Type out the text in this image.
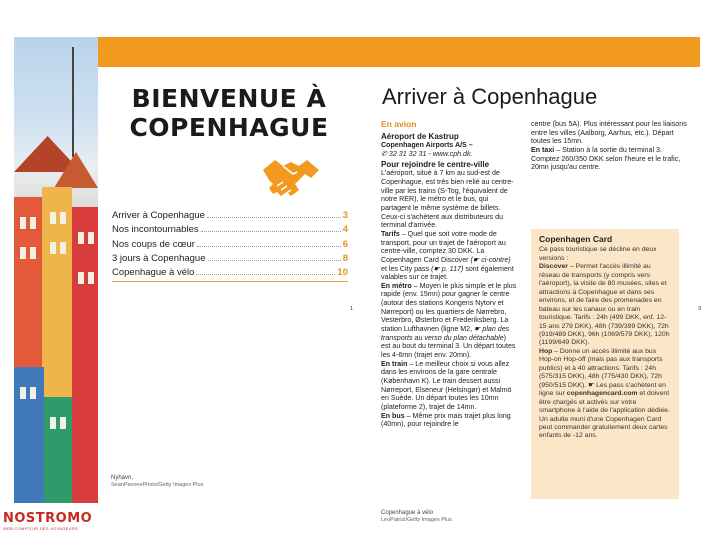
BIENVENUE À
COPENHAGUE
Arriver à Copenhague	3
Nos incontournables	4
Nos coups de cœur	6
3 jours à Copenhague	8
Copenhague à vélo	10
1
Nyhavn,
SeanPavonePhoto/Getty Images Plus
Arriver à Copenhague
En avion
Aéroport de Kastrup
Copenhagen Airports A/S –
✆ 32 31 32 31 - www.cph.dk.
Pour rejoindre le centre-ville

L'aéroport, situé à 7 km au sud-est de Copenhague, est très bien relié au centre-ville par les trains (S-Tog, l'équivalent de notre RER), le métro et le bus, qui partagent le même système de billets. Ceux-ci s'achètent aux distributeurs du terminal d'arrivée.

Tarifs – Quel que soit votre mode de transport, pour un trajet de l'aéroport au centre-ville, comptez 30 DKK. La Copenhagen Card Discover (☛ ci-contre) et les City pass (☛ p. 117) sont également valables sur ce trajet.

En métro – Moyen le plus simple et le plus rapide (env. 15mn) pour gagner le centre (autour des stations Kongens Nytorv et Nørreport) ou les quartiers de Nørrebro, Vesterbro, Østerbro et Frederiksberg. La station Lufthavnen (ligne M2, ☛ plan des transports au verso du plan détachable) est au bout du terminal 3. Un départ toutes les 4-6mn (trajet env. 20mn).

En train – Le meilleur choix si vous allez dans les environs de la gare centrale (København K). Le train dessert aussi Nørreport, Elseneur (Helsingør) et Malmö en Suède. Un départ toutes les 10mn (plateforme 2), trajet de 14mn.

En bus – Même prix mais trajet plus long (40mn), pour rejoindre le

centre (bus 5A). Plus intéressant pour les liaisons entre les villes (Aalborg, Aarhus, etc.). Départ toutes les 15mn.

En taxi – Station à la sortie du terminal 3. Comptez 260/350 DKK selon l'heure et le trafic, 20mn jusqu'au centre.

Copenhagen Card

Ce pass touristique se décline en deux versions :

Discover – Permet l'accès illimité au réseau de transports (y compris vers l'aéroport), la visite de 80 musées, sites et attractions à Copenhague et dans ses environs, et de faire des promenades en bateau sur les canaux ou en train touristique. Tarifs : 24h (499 DKK, enf. 12-15 ans 279 DKK), 48h (739/399 DKK), 72h (919/489 DKK), 96h (1069/579 DKK), 120h (1199/649 DKK).

Hop – Donne un accès illimité aux bus Hop-on Hop-off (mais pas aux transports publics) et à 40 attractions. Tarifs : 24h (575/315 DKK), 48h (775/430 DKK), 72h (950/515 DKK). ☛ Les pass s'achètent en ligne sur copenhagencard.com et doivent être chargés et activés sur votre smartphone à l'aide de l'application dédiée. Un adulte muni d'une Copenhagen Card peut commander gratuitement deux cartes enfants de -12 ans.

3
Copenhague à vélo
LeoPatrizi/Getty Images Plus
NOSTROMO
WEB COMPTOIR DES VOYAGEURS
